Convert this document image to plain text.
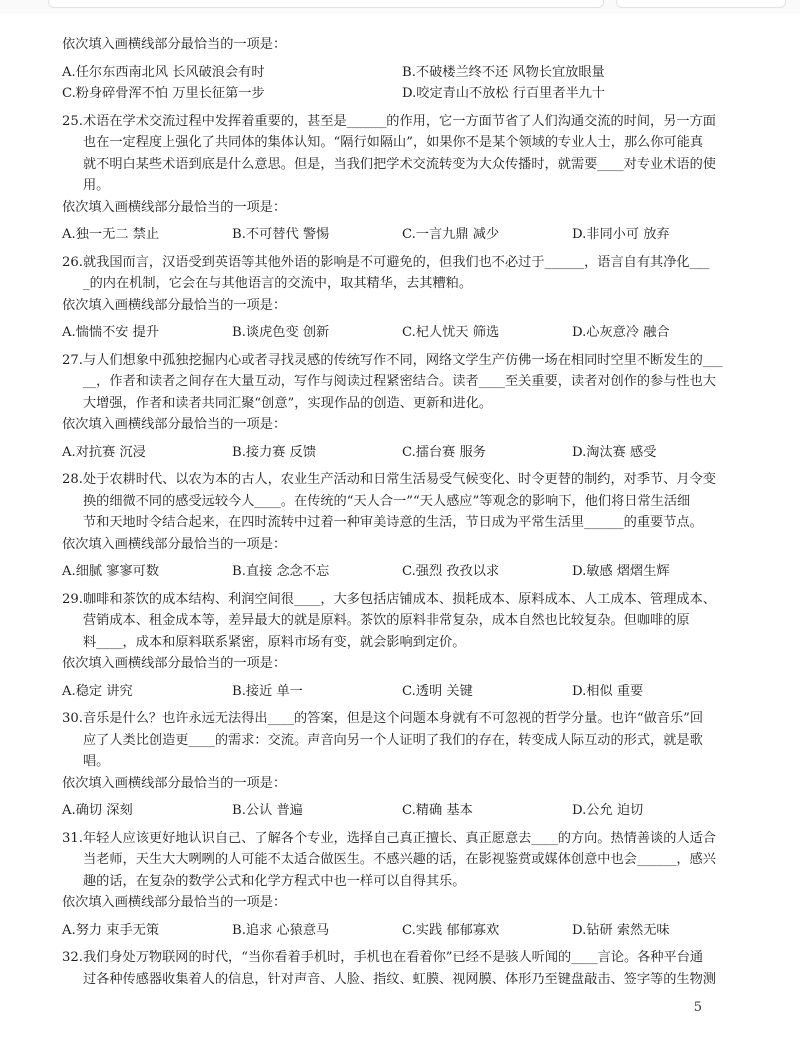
依次填入画横线部分最恰当的一项是：
A.任尔东西南北风 长风破浪会有时	B.不破楼兰终不还 风物长宜放眼量
C.粉身碎骨浑不怕 万里长征第一步	D.咬定青山不放松 行百里者半九十
25. 术语在学术交流过程中发挥着重要的，甚至是______的作用，它一方面节省了人们沟通交流的时间，另一方面
也在一定程度上强化了共同体的集体认知。“隔行如隔山”，如果你不是某个领域的专业人士，那么你可能真
就不明白某些术语到底是什么意思。但是，当我们把学术交流转变为大众传播时，就需要____对专业术语的使
用。
依次填入画横线部分最恰当的一项是：
A.独一无二 禁止	B.不可替代 警惕	C.一言九鼎 减少	D.非同小可 放弃
26. 就我国而言，汉语受到英语等其他外语的影响是不可避免的，但我们也不必过于______，语言自有其净化___
_的内在机制，它会在与其他语言的交流中，取其精华，去其糟粕。
依次填入画横线部分最恰当的一项是：
A.惴惴不安 提升	B.谈虎色变 创新	C.杞人忧天 筛选	D.心灰意冷 融合
27. 与人们想象中孤独挖掘内心或者寻找灵感的传统写作不同，网络文学生产仿佛一场在相同时空里不断发生的___
__，作者和读者之间存在大量互动，写作与阅读过程紧密结合。读者____至关重要，读者对创作的参与性也大
大增强，作者和读者共同汇聚“创意”，实现作品的创造、更新和进化。
依次填入画横线部分最恰当的一项是：
A.对抗赛 沉浸	B.接力赛 反馈	C.擂台赛 服务	D.淘汰赛 感受
28. 处于农耕时代、以农为本的古人，农业生产活动和日常生活易受气候变化、时令更替的制约，对季节、月令变
换的细微不同的感受远较今人____。在传统的“天人合一”“天人感应”等观念的影响下，他们将日常生活细
节和天地时令结合起来，在四时流转中过着一种审美诗意的生活，节日成为平常生活里______的重要节点。
依次填入画横线部分最恰当的一项是：
A.细腻 寥寥可数	B.直接 念念不忘	C.强烈 孜孜以求	D.敏感 熠熠生辉
29. 咖啡和茶饮的成本结构、利润空间很____，大多包括店铺成本、损耗成本、原料成本、人工成本、管理成本、
营销成本、租金成本等，差异最大的就是原料。茶饮的原料非常复杂，成本自然也比较复杂。但咖啡的原
料____，成本和原料联系紧密，原料市场有变，就会影响到定价。
依次填入画横线部分最恰当的一项是：
A.稳定 讲究	B.接近 单一	C.透明 关键	D.相似 重要
30. 音乐是什么？也许永远无法得出____的答案，但是这个问题本身就有不可忽视的哲学分量。也许“做音乐”回
应了人类比创造更____的需求：交流。声音向另一个人证明了我们的存在，转变成人际互动的形式，就是歌
唱。
依次填入画横线部分最恰当的一项是：
A.确切 深刻	B.公认 普遍	C.精确 基本	D.公允 迫切
31. 年轻人应该更好地认识自己、了解各个专业，选择自己真正擅长、真正愿意去____的方向。热情善谈的人适合
当老师，天生大大咧咧的人可能不太适合做医生。不感兴趣的话，在影视鉴赏或媒体创意中也会______，感兴
趣的话，在复杂的数学公式和化学方程式中也一样可以自得其乐。
依次填入画横线部分最恰当的一项是：
A.努力 束手无策	B.追求 心猿意马	C.实践 郁郁寡欢	D.钻研 索然无味
32. 我们身处万物联网的时代，“当你看着手机时，手机也在看着你”已经不是骇人听闻的____言论。各种平台通
过各种传感器收集着人的信息，针对声音、人脸、指纹、虹膜、视网膜、体形乃至键盘敲击、签字等的生物测
5
